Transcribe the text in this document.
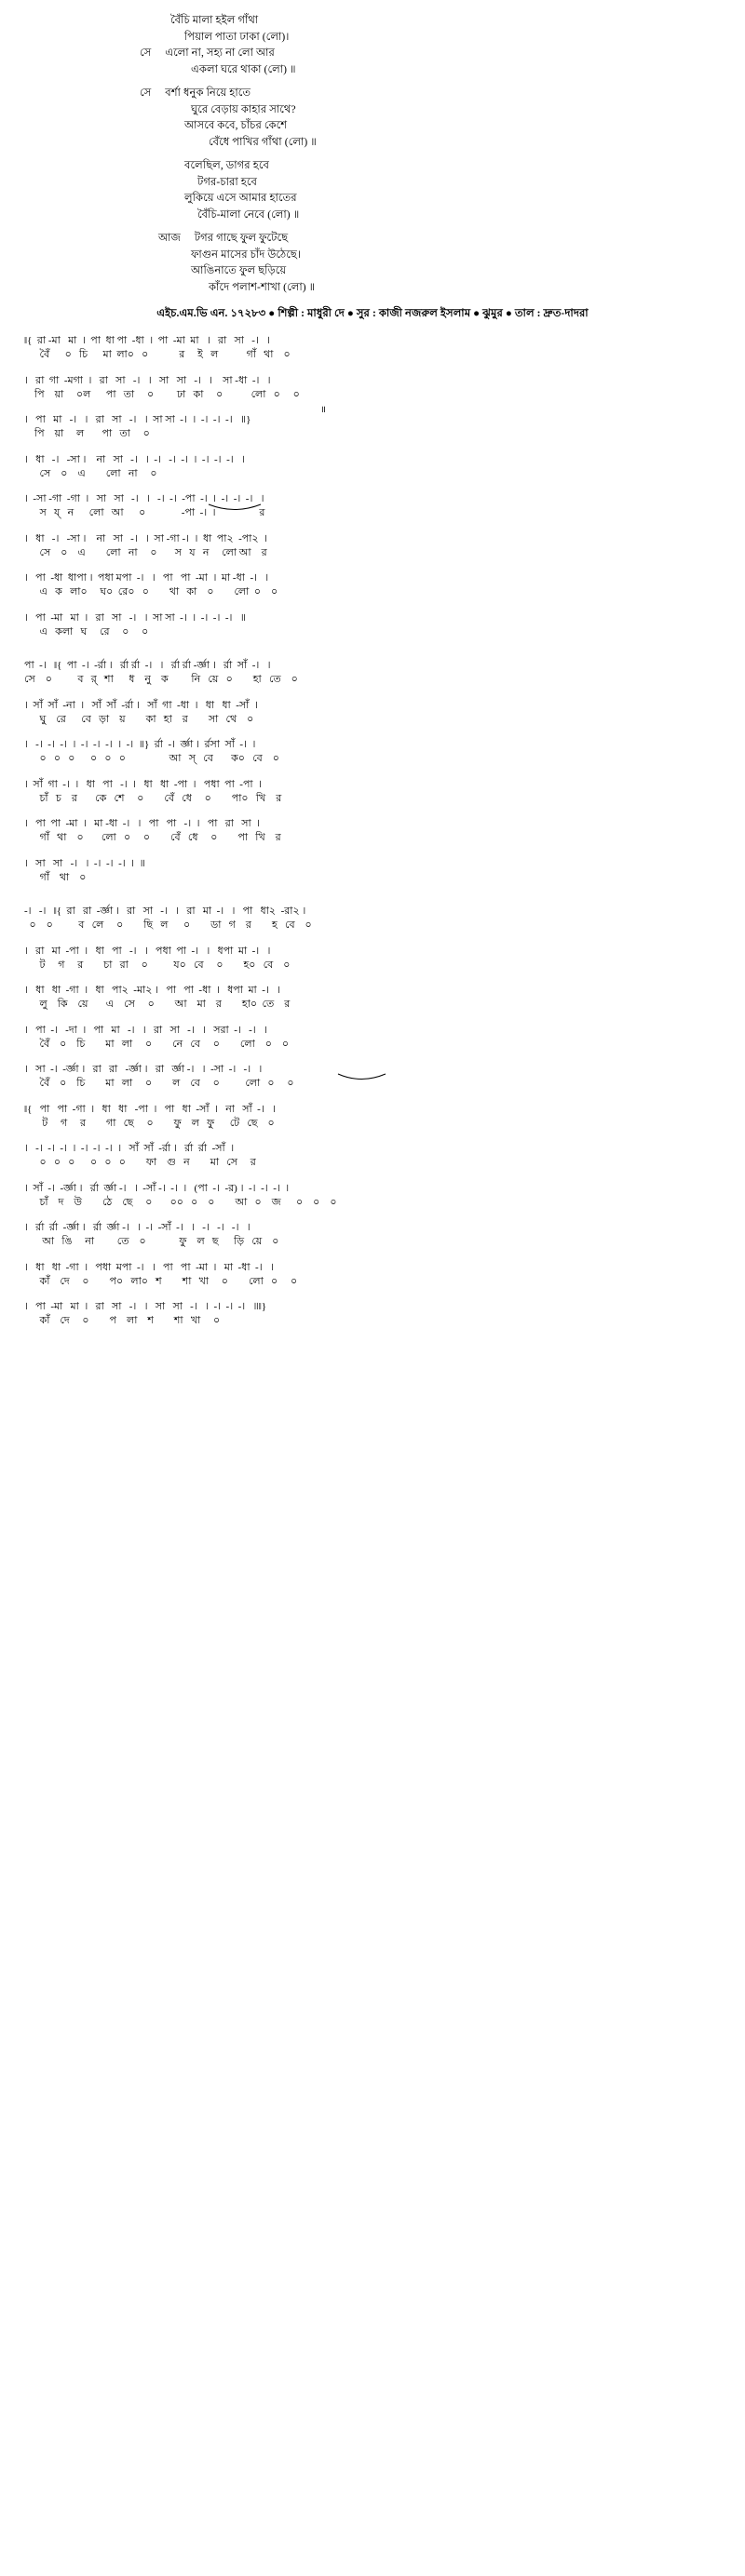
বৈঁচি মালা হইল গাঁথা
পিয়াল পাতা ঢাকা (লো)।
সে     এলো না, সহ্য না লো আর
একলা ঘরে থাকা (লো) ॥
সে     বর্শা ধনুক নিয়ে হাতে
ঘুরে বেড়ায় কাহার সাথে?
আসবে কবে, চাঁচর কেশে
বেঁধে পাখির গাঁথা (লো) ॥
বলেছিল, ডাগর হবে
টগর-চারা হবে
লুকিয়ে এসে আমার হাতের
বৈঁচি-মালা নেবে (লো) ॥
আজ     টগর গাছে ফুল ফুটেছে
ফাগুন মাসের চাঁদ উঠেছে।
আঙিনাতে ফুল ছড়িয়ে
কাঁদে পলাশ-শাখা (লো) ॥
এইচ.এম.ভি এন. ১৭২৮৩ ● শিল্পী : মাধুরী দে ● সুর : কাজী নজরুল ইসলাম ● ঝুমুর ● তাল : দ্রুত-দাদরা
‖{  রা -মা   মা  ।  পা  ধা পা  -ধা  ।  পা  -মা  মা   ।   রা   সা   -।   ।
বৈঁ      ০   চি      মা  লা০   ০            র     ই   ল           গাঁ   থা    ০
।   রা  গা  -মগা  ।   রা   সা   -।   ।   সা   সা   -।   ।    সা -ধা  -।   ।
পি    য়া     ০ল      পা   তা     ০         ঢা   কা     ০           লো   ০     ০
॥
।   পা   মা   -।   ।   রা   সা   -।   ।  সা সা  -।  ।  -।  -।  -।   ॥}
পি    য়া     ল       পা   তা     ০
।   ধা   -।   -সা ।    না   সা   -।   ।  -।   -।  -।  ।  -।  -।  -।   ।
সে    ০    এ        লো   না     ০
।  -সা -গা  -গা  ।   সা   সা   -।   ।   -।  -।  -পা  -।  ।  -।  -।  -।   ।
স   য্   ন      লো   আ      ০              -পা  -।  ।                 র
।   ধা   -।   -সা ।    না   সা   -।   ।  সা -গা -।  ।  ধা  পা২  -পা২  ।
সে    ০    এ        লো   না     ০       স   য   ন     লো আ    র
।   পা  -ধা  ধাপা ।  পধা মপা  -।   ।   পা   পা  -মা  ।  মা -ধা  -।   ।
এ   ক   লা০     ঘ০  রে০   ০        থা   কা    ০        লো  ০    ০
।   পা  -মা   মা  ।   রা   সা   -।   ।  সা সা  -।  ।  -।  -।  -।   ॥
এ   কলা   ঘ     রে     ০     ০
পা  -।   ‖{  পা  -।  -র্রা ।   র্রা র্রা  -।   ।   র্রা র্রা -র্জ্ঞা ।   র্রা  সাঁ  -।   ।
সে    ০          ব   র্   শা      ধ    নু    ক         নি   য়ে   ০        হা   তে    ০
।  সাঁ  সাঁ  -না  ।   সাঁ  সাঁ  -র্রা ।   সাঁ  গা  -ধা  ।   ধা   ধা  -সাঁ  ।
ঘু    রে      বে   ড়া    য়        কা   হা    র        সা   থে    ০
।   -।  -।  -।  ।  -।  -।  -।  ।  -।  ॥}  র্রা  -।  র্জ্ঞা ।  র্রসা  সাঁ  -।  ।
০   ০   ০      ০   ০   ০                 আ   স্   বে       ক০   বে    ০
।  সাঁ  গা  -।  ।   ধা   পা   -।  ।   ধা   ধা  -পা  ।   পধা  পা  -পা  ।
চাঁ   চ    র       কে   শে     ০        বেঁ   ধে     ০        পা০   খি    র
।   পা  পা  -মা  ।   মা -ধা  -।   ।   পা   পা   -।  ।   পা   রা   সা  ।
গাঁ   থা    ০       লো   ০     ০        বেঁ   ধে     ০        পা   খি    র
।   সা   সা   -।   ।  -।  -।  -।  ।  ॥
গাঁ    থা    ০
-।   -।   ‖{  রা   রা  -র্জ্ঞা ।   রা   সা   -।   ।   রা   মা  -।   ।   পা   ধা২  -রা২ ।
০    ০          ব   লে     ০        ছি   ল      ০        ডা   গ    র        হ   বে    ০
।   রা   মা  -পা  ।   ধা   পা   -।   ।   পধা  পা  -।   ।   ধপা  মা  -।   ।
ট     গ     র        চা   রা     ০          য০   বে     ০        হ০   বে    ০
।   ধা   ধা  -গা  ।   ধা   পা২  -মা২ ।   পা   পা  -ধা  ।   ধপা  মা  -।   ।
লু    কি    য়ে       এ    সে     ০        আ    মা    র        হা০  তে    র
।   পা  -।   -দা  ।   পা   মা   -।   ।   রা   সা   -।   ।   সরা  -।   -।   ।
বৈঁ    ০    চি        মা   লা     ০        নে   বে     ০        লো    ০    ০
।   সা  -।  -র্জ্ঞা ।   রা   রা   -র্জ্ঞা ।   রা   র্জ্ঞা -।   ।  -সা  -।   -।   ।
বৈঁ    ০    চি        মা   লা     ০        ল    বে     ০          লো   ০     ০
‖{   পা   পা  -গা  ।   ধা   ধা   -পা  ।   পা   ধা  -সাঁ  ।   না   সাঁ  -।   ।
ট     গ     র        গা   ছে     ০        ফু    ল   ফু      টে   ছে    ০
।   -।  -।  -।  ।  -।  -।  -।  ।   সাঁ  সাঁ  -র্রা ।   র্রা  র্রা  -সাঁ  ।
০   ০   ০      ০   ০   ০        ফা    গু   ন        মা   সে     র
।  সাঁ  -।  -র্জ্ঞা ।   র্রা  র্জ্ঞা -।   ।  -সাঁ -।  -।  ।   (পা  -।  -র) ।  -।  -।  -।  ।
চাঁ    দ    উ        ঠে    ছে     ০       ০০   ০    ০        আ   ০    জ      ০    ০    ০
।   র্রা  র্রা  -র্জ্ঞা ।   র্রা  র্জ্ঞা -।   ।  -।  -সাঁ  -।   ।   -।   -।   -।   ।
আ   ঙি     না         তে    ০             ফু    ল   ছ      ড়ি   য়ে    ০
।   ধা   ধা  -গা  ।   পধা  মপা  -।   ।   পা   পা  -মা  ।   মা  -ধা  -।   ।
কাঁ    দে     ০        প০   লা০   শ        শা   খা     ০        লো   ০     ০
।   পা  -মা   মা  ।   রা   সা   -।   ।   সা   সা   -।   ।  -।  -।  -।   ॥‖}
কাঁ    দে     ০        প    লা    শ        শা   খা     ০
